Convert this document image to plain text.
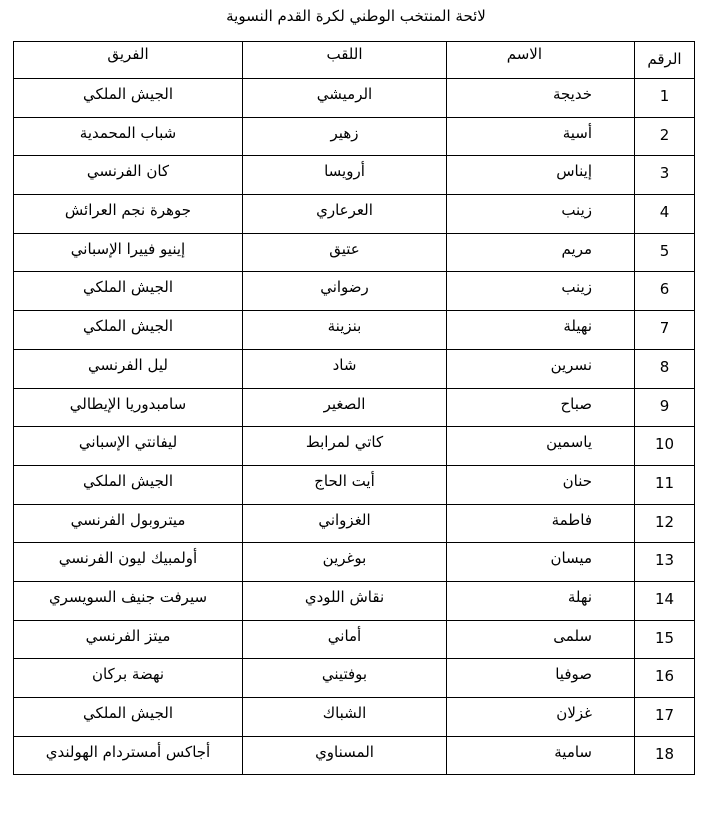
لائحة المنتخب الوطني لكرة القدم النسوية
الفريق	اللقب	الاسم	الرقم
الجيش الملكي	الرميشي	خديجة	1
شباب المحمدية	زهير	أسية	2
كان الفرنسي	أرويسا	إيناس	3
جوهرة نجم العرائش	العرعاري	زينب	4
إينيو فييرا الإسباني	عتيق	مريم	5
الجيش الملكي	رضواني	زينب	6
الجيش الملكي	بنزينة	نهيلة	7
ليل الفرنسي	شاد	نسرين	8
سامبدوريا الإيطالي	الصغير	صباح	9
ليفانتي الإسباني	كاتي لمرابط	ياسمين	10
الجيش الملكي	أيت الحاج	حنان	11
ميتروبول الفرنسي	الغزواني	فاطمة	12
أولمبيك ليون الفرنسي	بوغرين	ميسان	13
سيرفت جنيف السويسري	نقاش اللودي	نهلة	14
ميتز الفرنسي	أماني	سلمى	15
نهضة بركان	بوفتيني	صوفيا	16
الجيش الملكي	الشباك	غزلان	17
أجاكس أمستردام الهولندي	المسناوي	سامية	18
